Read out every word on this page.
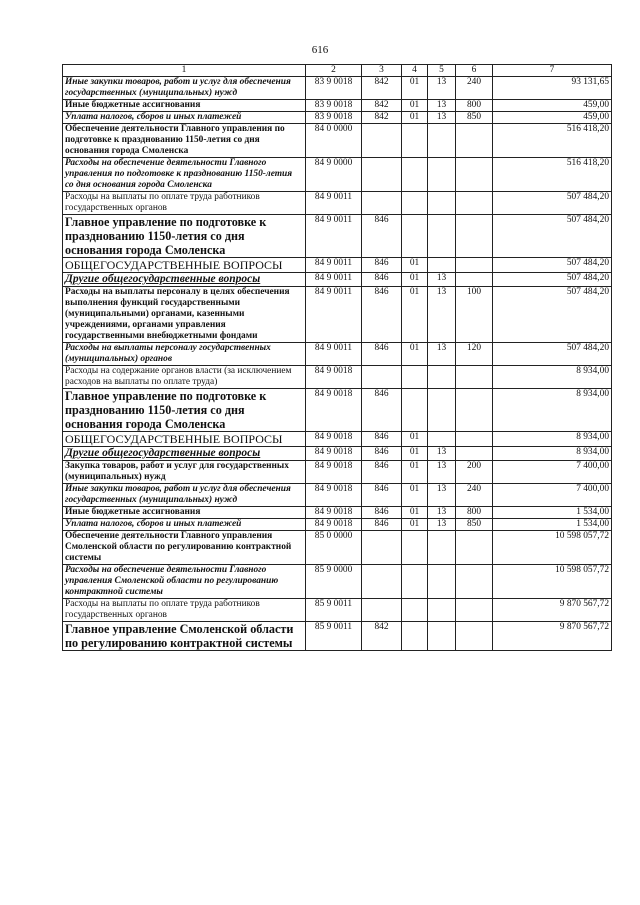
616
1	2	3	4	5	6	7
Иные закупки товаров, работ и услуг для обеспечения государственных (муниципальных) нужд	83 9 0018	842	01	13	240	93 131,65
Иные бюджетные ассигнования	83 9 0018	842	01	13	800	459,00
Уплата налогов, сборов и иных платежей	83 9 0018	842	01	13	850	459,00
Обеспечение деятельности Главного управления по подготовке к празднованию 1150-летия со дня основания города Смоленска	84 0 0000					516 418,20
Расходы на обеспечение деятельности Главного управления по подготовке к празднованию 1150-летия со дня основания города Смоленска	84 9 0000					516 418,20
Расходы на выплаты по оплате труда работников государственных органов	84 9 0011					507 484,20
Главное управление по подготовке к празднованию 1150-летия со дня основания города Смоленска	84 9 0011	846				507 484,20
ОБЩЕГОСУДАРСТВЕННЫЕ ВОПРОСЫ	84 9 0011	846	01			507 484,20
Другие общегосударственные вопросы	84 9 0011	846	01	13		507 484,20
Расходы на выплаты персоналу в целях обеспечения выполнения функций государственными (муниципальными) органами, казенными учреждениями, органами управления государственными внебюджетными фондами	84 9 0011	846	01	13	100	507 484,20
Расходы на выплаты персоналу государственных (муниципальных) органов	84 9 0011	846	01	13	120	507 484,20
Расходы на содержание органов власти (за исключением расходов на выплаты по оплате труда)	84 9 0018					8 934,00
Главное управление по подготовке к празднованию 1150-летия со дня основания города Смоленска	84 9 0018	846				8 934,00
ОБЩЕГОСУДАРСТВЕННЫЕ ВОПРОСЫ	84 9 0018	846	01			8 934,00
Другие общегосударственные вопросы	84 9 0018	846	01	13		8 934,00
Закупка товаров, работ и услуг для государственных (муниципальных) нужд	84 9 0018	846	01	13	200	7 400,00
Иные закупки товаров, работ и услуг для обеспечения государственных (муниципальных) нужд	84 9 0018	846	01	13	240	7 400,00
Иные бюджетные ассигнования	84 9 0018	846	01	13	800	1 534,00
Уплата налогов, сборов и иных платежей	84 9 0018	846	01	13	850	1 534,00
Обеспечение деятельности Главного управления Смоленской области по регулированию контрактной системы	85 0 0000					10 598 057,72
Расходы на обеспечение деятельности Главного управления Смоленской области по регулированию контрактной системы	85 9 0000					10 598 057,72
Расходы на выплаты по оплате труда работников государственных органов	85 9 0011					9 870 567,72
Главное управление Смоленской области по регулированию контрактной системы	85 9 0011	842				9 870 567,72
